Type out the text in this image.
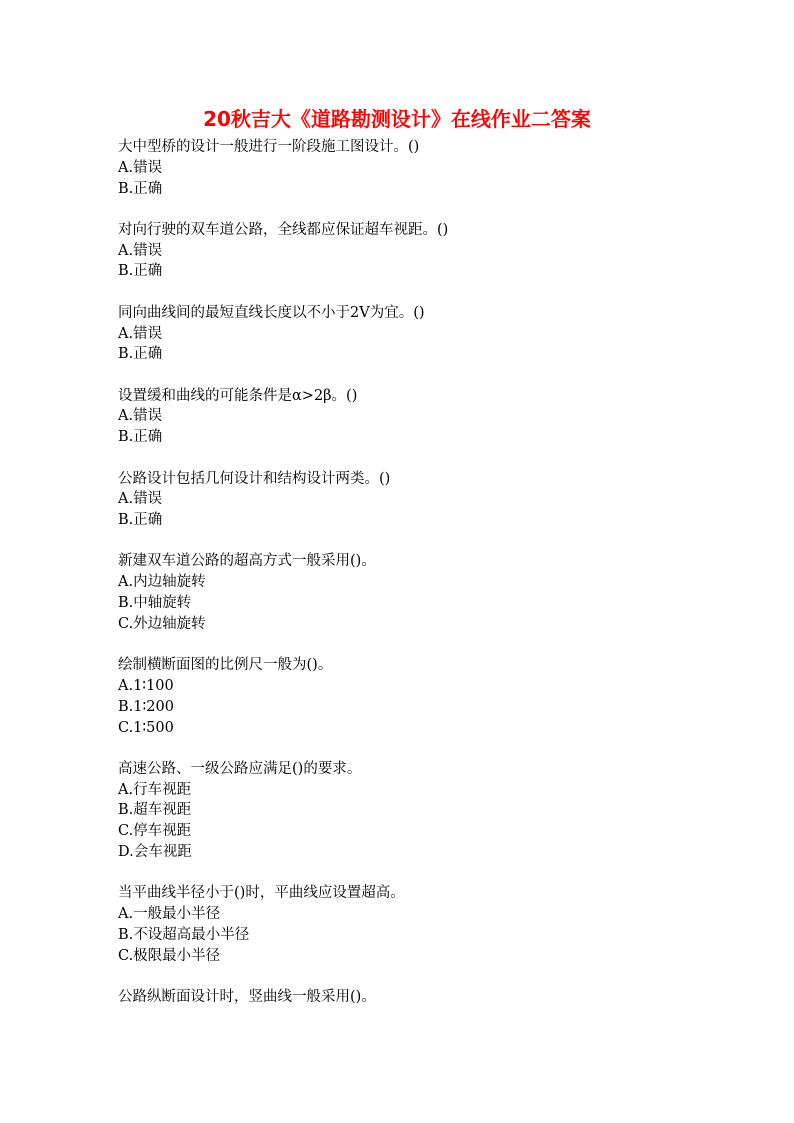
20秋吉大《道路勘测设计》在线作业二答案
大中型桥的设计一般进行一阶段施工图设计。()
A.错误
B.正确
对向行驶的双车道公路，全线都应保证超车视距。()
A.错误
B.正确
同向曲线间的最短直线长度以不小于2V为宜。()
A.错误
B.正确
设置缓和曲线的可能条件是α>2β。()
A.错误
B.正确
公路设计包括几何设计和结构设计两类。()
A.错误
B.正确
新建双车道公路的超高方式一般采用()。
A.内边轴旋转
B.中轴旋转
C.外边轴旋转
绘制横断面图的比例尺一般为()。
A.1∶100
B.1∶200
C.1∶500
高速公路、一级公路应满足()的要求。
A.行车视距
B.超车视距
C.停车视距
D.会车视距
当平曲线半径小于()时，平曲线应设置超高。
A.一般最小半径
B.不设超高最小半径
C.极限最小半径
公路纵断面设计时，竖曲线一般采用()。
